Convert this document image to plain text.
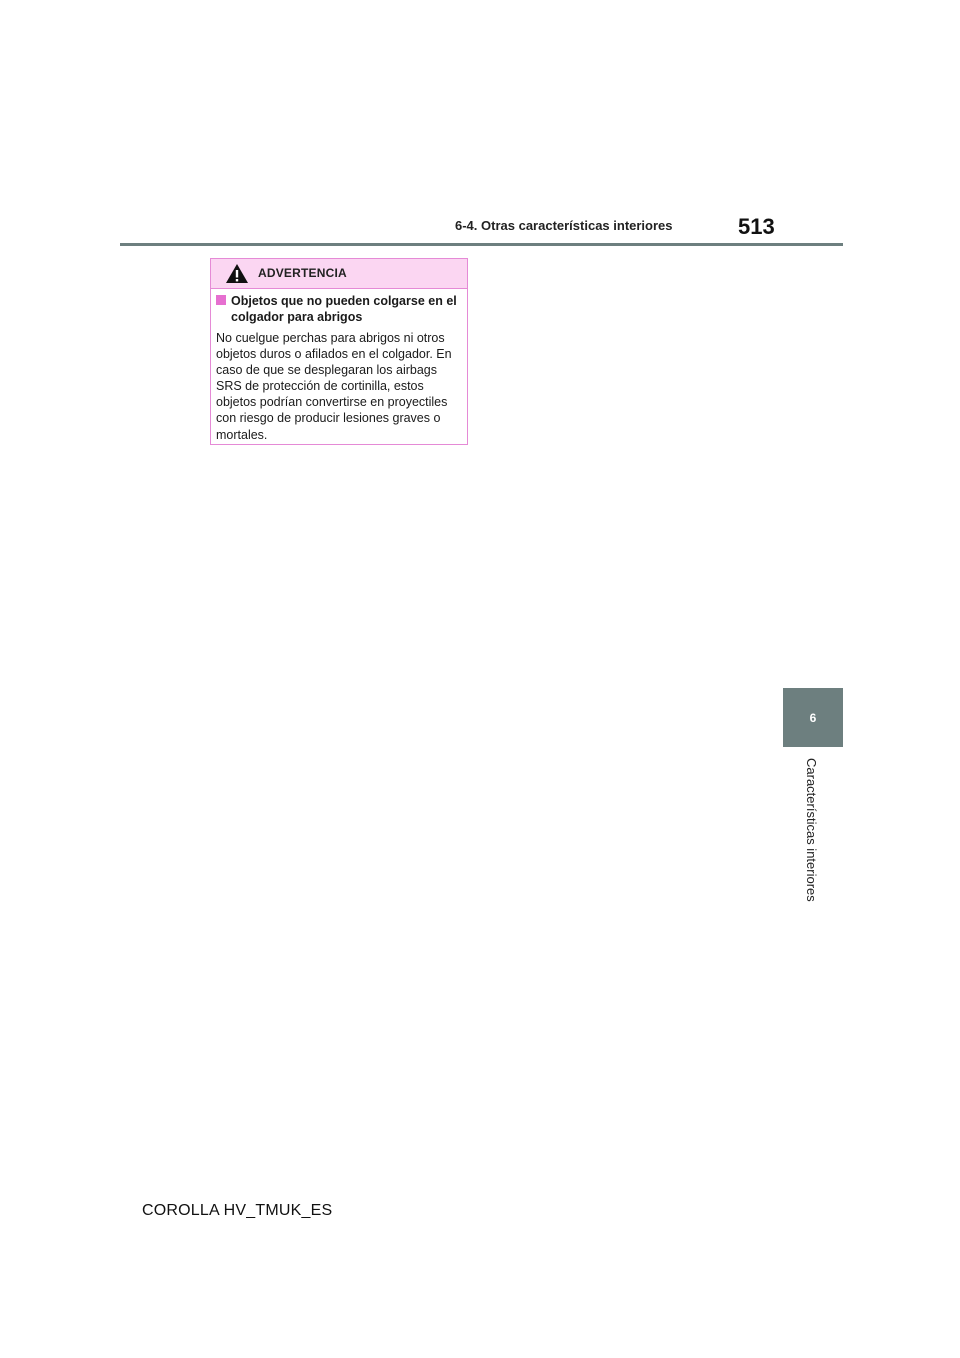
6-4. Otras características interiores	513
ADVERTENCIA
Objetos que no pueden colgarse en el colgador para abrigos
No cuelgue perchas para abrigos ni otros objetos duros o afilados en el colgador. En caso de que se desplegaran los airbags SRS de protección de cortinilla, estos objetos podrían convertirse en proyectiles con riesgo de producir lesiones graves o mortales.
6
Características interiores
COROLLA HV_TMUK_ES
